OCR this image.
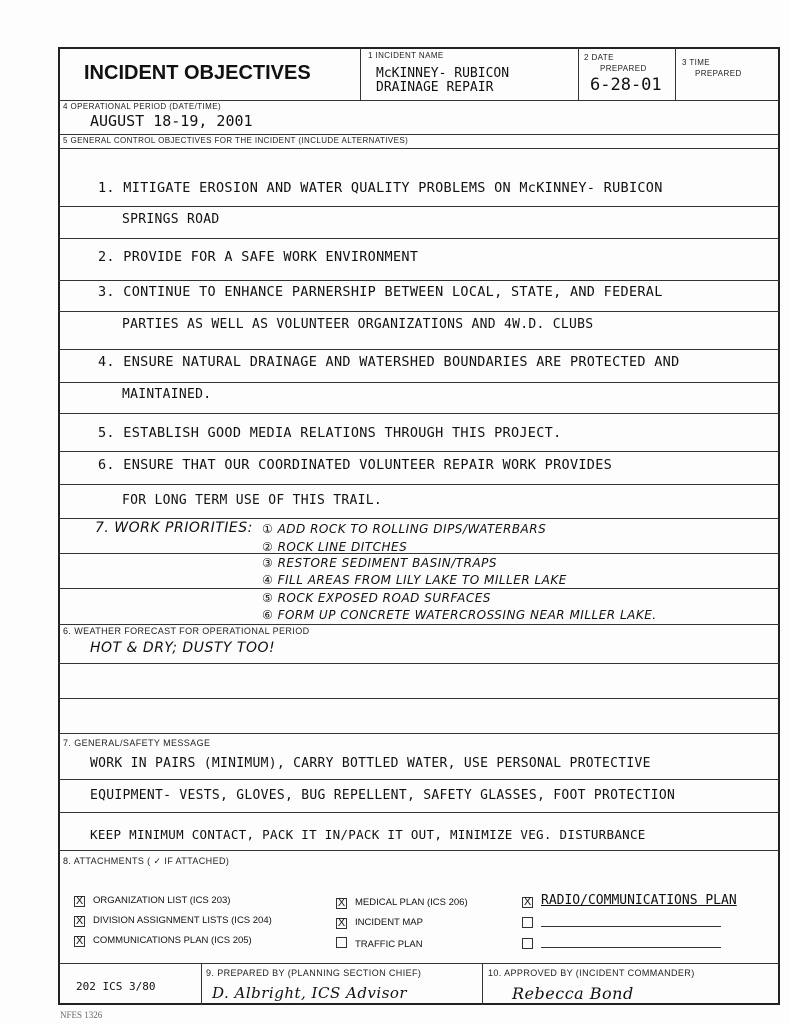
INCIDENT OBJECTIVES
1 INCIDENT NAME
McKINNEY- RUBICON
DRAINAGE REPAIR
2 DATE
PREPARED
6-28-01
3 TIME
PREPARED
4 OPERATIONAL PERIOD (DATE/TIME)
AUGUST 18-19, 2001
5 GENERAL CONTROL OBJECTIVES FOR THE INCIDENT (INCLUDE ALTERNATIVES)
1. MITIGATE EROSION AND WATER QUALITY PROBLEMS ON McKINNEY- RUBICON
SPRINGS ROAD
2. PROVIDE FOR A SAFE WORK ENVIRONMENT
3. CONTINUE TO ENHANCE PARNERSHIP BETWEEN LOCAL, STATE, AND FEDERAL
PARTIES AS WELL AS VOLUNTEER ORGANIZATIONS AND 4W.D. CLUBS
4. ENSURE NATURAL DRAINAGE AND WATERSHED BOUNDARIES ARE PROTECTED AND
MAINTAINED.
5. ESTABLISH GOOD MEDIA RELATIONS THROUGH THIS PROJECT.
6. ENSURE THAT OUR COORDINATED VOLUNTEER REPAIR WORK PROVIDES
FOR LONG TERM USE OF THIS TRAIL.
7. WORK PRIORITIES: ① ADD ROCK TO ROLLING DIPS/WATERBARS
② ROCK LINE DITCHES
③ RESTORE SEDIMENT BASIN/TRAPS
④ FILL AREAS FROM LILY LAKE TO MILLER LAKE
⑤ ROCK EXPOSED ROAD SURFACES
⑥ FORM UP CONCRETE WATERCROSSING NEAR MILLER LAKE.
6. WEATHER FORECAST FOR OPERATIONAL PERIOD
HOT & DRY; DUSTY TOO!
7. GENERAL/SAFETY MESSAGE
WORK IN PAIRS (MINIMUM), CARRY BOTTLED WATER, USE PERSONAL PROTECTIVE
EQUIPMENT- VESTS, GLOVES, BUG REPELLENT, SAFETY GLASSES, FOOT PROTECTION
KEEP MINIMUM CONTACT, PACK IT IN/PACK IT OUT, MINIMIZE VEG. DISTURBANCE
8. ATTACHMENTS ( ✓ IF ATTACHED)
X ORGANIZATION LIST (ICS 203)
X DIVISION ASSIGNMENT LISTS (ICS 204)
X COMMUNICATIONS PLAN (ICS 205)
X MEDICAL PLAN (ICS 206)
X INCIDENT MAP
TRAFFIC PLAN
X RADIO/COMMUNICATIONS PLAN
202 ICS 3/80
9. PREPARED BY (PLANNING SECTION CHIEF)
D. Albright, ICS Advisor
10. APPROVED BY (INCIDENT COMMANDER)
Rebecca Bond
NFES 1326
